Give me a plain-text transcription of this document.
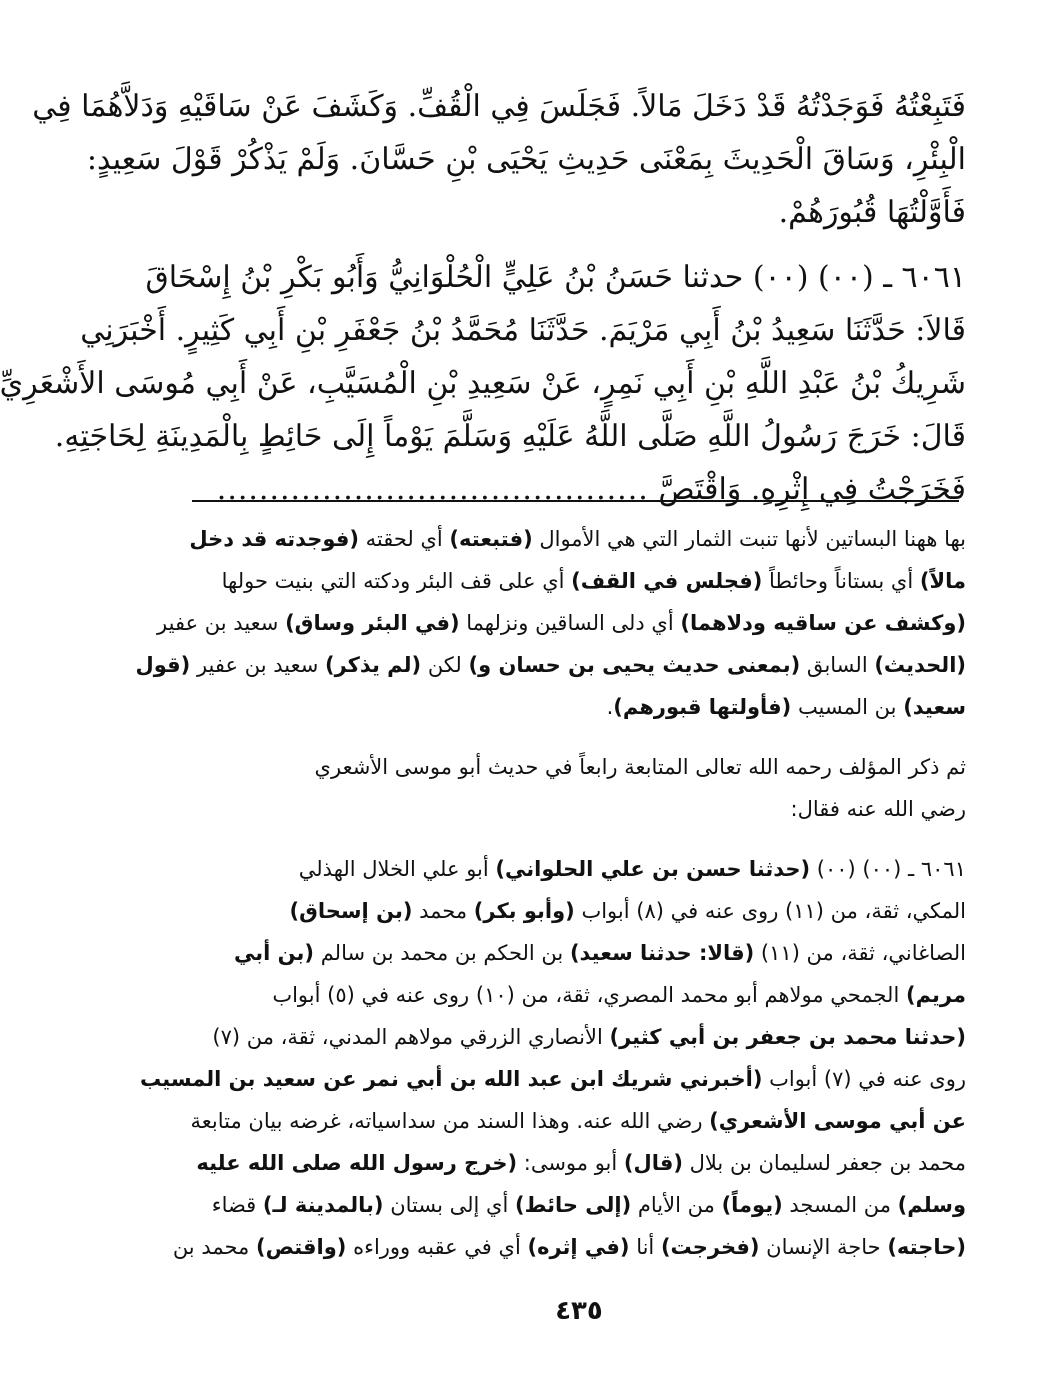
فَتَبِعْتُهُ فَوَجَدْتُهُ قَدْ دَخَلَ مَالاً. فَجَلَسَ فِي الْقُفِّ. وَكَشَفَ عَنْ سَاقَيْهِ وَدَلاَّهُمَا فِي
الْبِئْرِ، وَسَاقَ الْحَدِيثَ بِمَعْنَى حَدِيثِ يَحْيَى بْنِ حَسَّانَ. وَلَمْ يَذْكُرْ قَوْلَ سَعِيدٍ:
فَأَوَّلْتُهَا قُبُورَهُمْ.

٦٠٦١ ـ (٠٠) (٠٠) حدثنا حَسَنُ بْنُ عَلِيٍّ الْحُلْوَانِيُّ وَأَبُو بَكْرِ بْنُ إِسْحَاقَ
قَالاَ: حَدَّثَنَا سَعِيدُ بْنُ أَبِي مَرْيَمَ. حَدَّثَنَا مُحَمَّدُ بْنُ جَعْفَرِ بْنِ أَبِي كَثِيرٍ. أَخْبَرَنِي
شَرِيكُ بْنُ عَبْدِ اللَّهِ بْنِ أَبِي نَمِرٍ، عَنْ سَعِيدِ بْنِ الْمُسَيَّبِ، عَنْ أَبِي مُوسَى الأَشْعَرِيِّ
قَالَ: خَرَجَ رَسُولُ اللَّهِ صَلَّى اللَّهُ عَلَيْهِ وَسَلَّمَ يَوْماً إِلَى حَائِطٍ بِالْمَدِينَةِ لِحَاجَتِهِ.
فَخَرَجْتُ فِي إِثْرِهِ. وَاقْتَصَّ .........................................

بها ههنا البساتين لأنها تنبت الثمار التي هي الأموال (فتبعته) أي لحقته (فوجدته قد دخل
مالاً) أي بستاناً وحائطاً (فجلس في القف) أي على قف البئر ودكته التي بنيت حولها
(وكشف عن ساقيه ودلاهما) أي دلى الساقين ونزلهما (في البئر وساق) سعيد بن عفير
(الحديث) السابق (بمعنى حديث يحيى بن حسان و) لكن (لم يذكر) سعيد بن عفير (قول
سعيد) بن المسيب (فأولتها قبورهم).
ثم ذكر المؤلف رحمه الله تعالى المتابعة رابعاً في حديث أبو موسى الأشعري
رضي الله عنه فقال:
٦٠٦١ ـ (٠٠) (٠٠) (حدثنا حسن بن علي الحلواني) أبو علي الخلال الهذلي
المكي، ثقة، من (١١) روى عنه في (٨) أبواب (وأبو بكر) محمد (بن إسحاق)
الصاغاني، ثقة، من (١١) (قالا: حدثنا سعيد) بن الحكم بن محمد بن سالم (بن أبي
مريم) الجمحي مولاهم أبو محمد المصري، ثقة، من (١٠) روى عنه في (٥) أبواب
(حدثنا محمد بن جعفر بن أبي كثير) الأنصاري الزرقي مولاهم المدني، ثقة، من (٧)
روى عنه في (٧) أبواب (أخبرني شريك ابن عبد الله بن أبي نمر عن سعيد بن المسيب
عن أبي موسى الأشعري) رضي الله عنه. وهذا السند من سداسياته، غرضه بيان متابعة
محمد بن جعفر لسليمان بن بلال (قال) أبو موسى: (خرج رسول الله صلى الله عليه
وسلم) من المسجد (يوماً) من الأيام (إلى حائط) أي إلى بستان (بالمدينة لـ) قضاء
(حاجته) حاجة الإنسان (فخرجت) أنا (في إثره) أي في عقبه ووراءه (واقتص) محمد بن
٤٣٥
